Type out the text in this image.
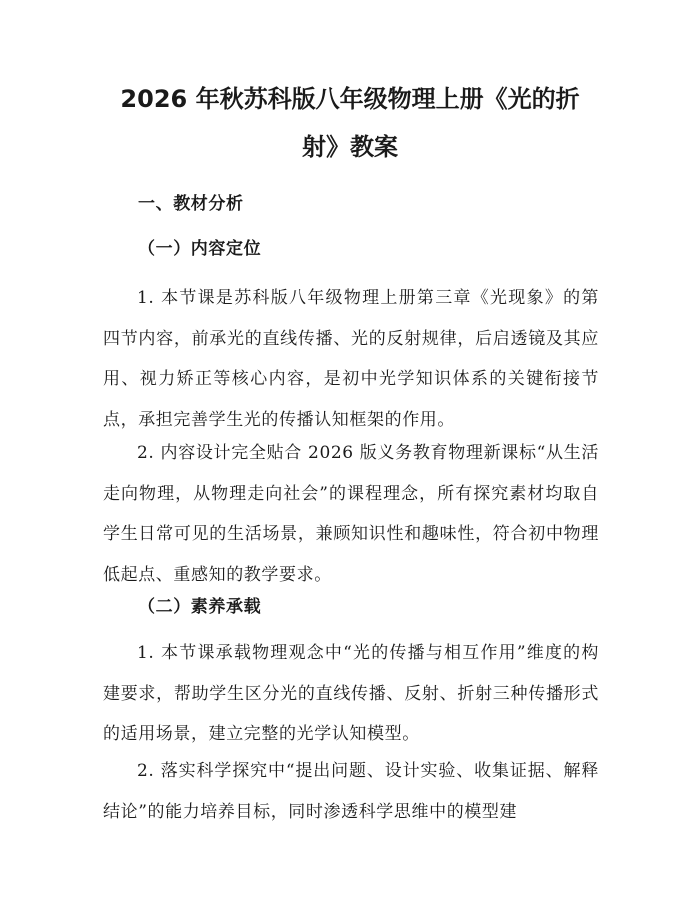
2026 年秋苏科版八年级物理上册《光的折
射》教案
一、教材分析
（一）内容定位

1. 本节课是苏科版八年级物理上册第三章《光现象》的第四节内容，前承光的直线传播、光的反射规律，后启透镜及其应用、视力矫正等核心内容，是初中光学知识体系的关键衔接节点，承担完善学生光的传播认知框架的作用。

2. 内容设计完全贴合 2026 版义务教育物理新课标“从生活走向物理，从物理走向社会”的课程理念，所有探究素材均取自学生日常可见的生活场景，兼顾知识性和趣味性，符合初中物理低起点、重感知的教学要求。

（二）素养承载

1. 本节课承载物理观念中“光的传播与相互作用”维度的构建要求，帮助学生区分光的直线传播、反射、折射三种传播形式的适用场景，建立完整的光学认知模型。

2. 落实科学探究中“提出问题、设计实验、收集证据、解释结论”的能力培养目标，同时渗透科学思维中的模型建
